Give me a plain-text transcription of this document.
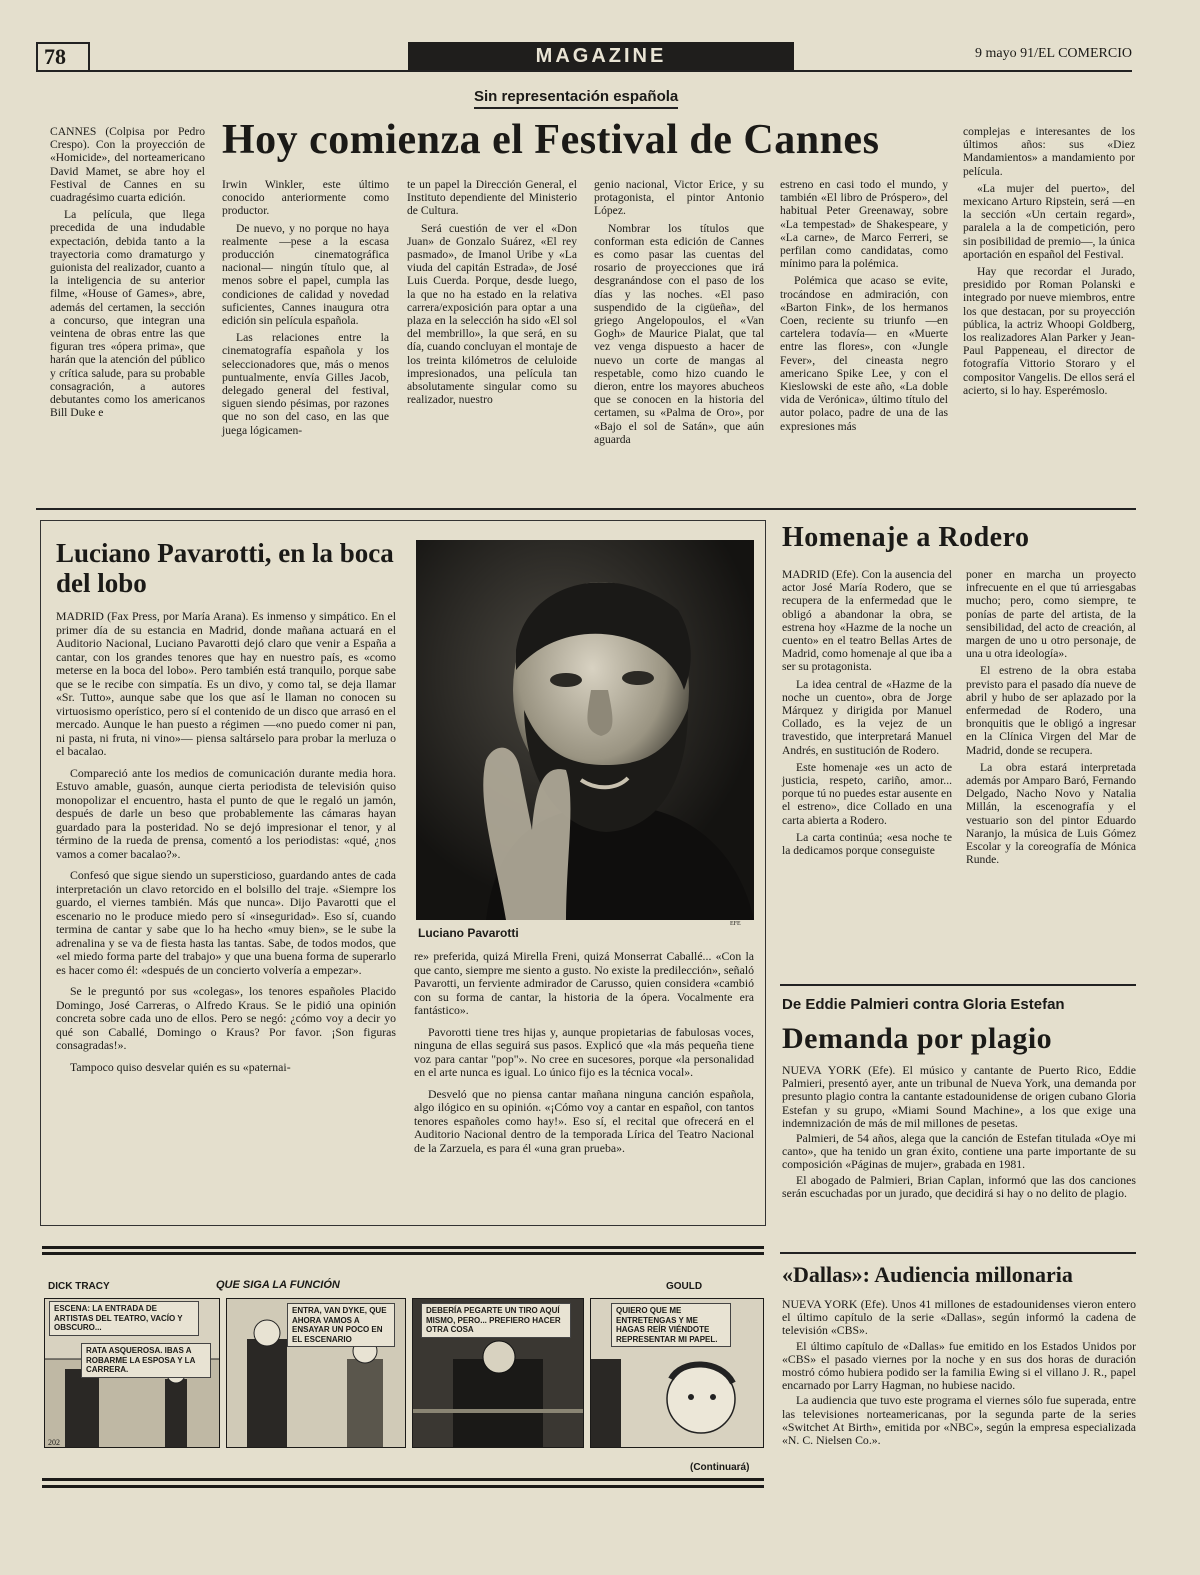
78	MAGAZINE	9 mayo 91/EL COMERCIO
Sin representación española
Hoy comienza el Festival de Cannes

CANNES (Colpisa por Pedro Crespo). Con la proyección de «Homicide», del norteamericano David Mamet, se abre hoy el Festival de Cannes en su cuadragésimo cuarta edición.

La película, que llega precedida de una indudable expectación, debida tanto a la trayectoria como dramaturgo y guionista del realizador, cuanto a la inteligencia de su anterior filme, «House of Games», abre, además del certamen, la sección a concurso, que integran una veintena de obras entre las que figuran tres «ópera prima», que harán que la atención del público y crítica salude, para su probable consagración, a autores debutantes como los americanos Bill Duke e

Irwin Winkler, este último conocido anteriormente como productor.

De nuevo, y no porque no haya realmente —pese a la escasa producción cinematográfica nacional— ningún título que, al menos sobre el papel, cumpla las condiciones de calidad y novedad suficientes, Cannes inaugura otra edición sin película española.

Las relaciones entre la cinematografía española y los seleccionadores que, más o menos puntualmente, envía Gilles Jacob, delegado general del festival, siguen siendo pésimas, por razones que no son del caso, en las que juega lógicamen-

te un papel la Dirección General, el Instituto dependiente del Ministerio de Cultura.

Será cuestión de ver el «Don Juan» de Gonzalo Suárez, «El rey pasmado», de Imanol Uribe y «La viuda del capitán Estrada», de José Luis Cuerda. Porque, desde luego, la que no ha estado en la relativa carrera/exposición para optar a una plaza en la selección ha sido «El sol del membrillo», la que será, en su día, cuando concluyan el montaje de los treinta kilómetros de celuloide impresionados, una película tan absolutamente singular como su realizador, nuestro

genio nacional, Victor Erice, y su protagonista, el pintor Antonio López.

Nombrar los títulos que conforman esta edición de Cannes es como pasar las cuentas del rosario de proyecciones que irá desgranándose con el paso de los días y las noches. «El paso suspendido de la cigüeña», del griego Angelopoulos, el «Van Gogh» de Maurice Pialat, que tal vez venga dispuesto a hacer de nuevo un corte de mangas al respetable, como hizo cuando le dieron, entre los mayores abucheos que se conocen en la historia del certamen, su «Palma de Oro», por «Bajo el sol de Satán», que aún aguarda

estreno en casi todo el mundo, y también «El libro de Próspero», del habitual Peter Greenaway, sobre «La tempestad» de Shakespeare, y «La carne», de Marco Ferreri, se perfilan como candidatas, como mínimo para la polémica.

Polémica que acaso se evite, trocándose en admiración, con «Barton Fink», de los hermanos Coen, reciente su triunfo —en cartelera todavía— en «Muerte entre las flores», con «Jungle Fever», del cineasta negro americano Spike Lee, y con el Kieslowski de este año, «La doble vida de Verónica», último título del autor polaco, padre de una de las expresiones más

complejas e interesantes de los últimos años: sus «Diez Mandamientos» a mandamiento por película.

«La mujer del puerto», del mexicano Arturo Ripstein, será —en la sección «Un certain regard», paralela a la de competición, pero sin posibilidad de premio—, la única aportación en español del Festival.

Hay que recordar el Jurado, presidido por Roman Polanski e integrado por nueve miembros, entre los que destacan, por su proyección pública, la actriz Whoopi Goldberg, los realizadores Alan Parker y Jean-Paul Pappeneau, el director de fotografía Vittorio Storaro y el compositor Vangelis. De ellos será el acierto, si lo hay. Esperémoslo.

Luciano Pavarotti, en la boca del lobo

MADRID (Fax Press, por María Arana). Es inmenso y simpático. En el primer día de su estancia en Madrid, donde mañana actuará en el Auditorio Nacional, Luciano Pavarotti dejó claro que venir a España a cantar, con los grandes tenores que hay en nuestro país, es «como meterse en la boca del lobo». Pero también está tranquilo, porque sabe que se le recibe con simpatía. Es un divo, y como tal, se deja llamar «Sr. Tutto», aunque sabe que los que así le llaman no conocen su virtuosismo operístico, pero sí el contenido de un disco que arrasó en el mercado. Aunque le han puesto a régimen —«no puedo comer ni pan, ni pasta, ni fruta, ni vino»— piensa saltárselo para probar la merluza o el bacalao.

Compareció ante los medios de comunicación durante media hora. Estuvo amable, guasón, aunque cierta periodista de televisión quiso monopolizar el encuentro, hasta el punto de que le regaló un jamón, después de darle un beso que probablemente las cámaras hayan guardado para la posteridad. No se dejó impresionar el tenor, y al término de la rueda de prensa, comentó a los periodistas: «qué, ¿nos vamos a comer bacalao?».

Confesó que sigue siendo un supersticioso, guardando antes de cada interpretación un clavo retorcido en el bolsillo del traje. «Siempre los guardo, el viernes también. Más que nunca». Dijo Pavarotti que el escenario no le produce miedo pero sí «inseguridad». Eso sí, cuando termina de cantar y sabe que lo ha hecho «muy bien», se le sube la adrenalina y se va de fiesta hasta las tantas. Sabe, de todos modos, que «el miedo forma parte del trabajo» y que una buena forma de superarlo es hacer como él: «después de un concierto volvería a empezar».

Se le preguntó por sus «colegas», los tenores españoles Placido Domingo, José Carreras, o Alfredo Kraus. Se le pidió una opinión concreta sobre cada uno de ellos. Pero se negó: ¿cómo voy a decir yo qué son Caballé, Domingo o Kraus? Por favor. ¡Son figuras consagradas!».

Tampoco quiso desvelar quién es su «paternai-

Luciano Pavarotti
EFE

re» preferida, quizá Mirella Freni, quizá Monserrat Caballé... «Con la que canto, siempre me siento a gusto. No existe la predilección», señaló Pavarotti, un ferviente admirador de Carusso, quien considera «cambió con su forma de cantar, la historia de la ópera. Vocalmente era fantástico».

Pavorotti tiene tres hijas y, aunque propietarias de fabulosas voces, ninguna de ellas seguirá sus pasos. Explicó que «la más pequeña tiene voz para cantar "pop"». No cree en sucesores, porque «la personalidad en el arte nunca es igual. Lo único fijo es la técnica vocal».

Desveló que no piensa cantar mañana ninguna canción española, algo ilógico en su opinión. «¡Cómo voy a cantar en español, con tantos tenores españoles como hay!». Eso sí, el recital que ofrecerá en el Auditorio Nacional dentro de la temporada Lírica del Teatro Nacional de la Zarzuela, es para él «una gran prueba».

Homenaje a Rodero

MADRID (Efe). Con la ausencia del actor José María Rodero, que se recupera de la enfermedad que le obligó a abandonar la obra, se estrena hoy «Hazme de la noche un cuento» en el teatro Bellas Artes de Madrid, como homenaje al que iba a ser su protagonista.

La idea central de «Hazme de la noche un cuento», obra de Jorge Márquez y dirigida por Manuel Collado, es la vejez de un travestido, que interpretará Manuel Andrés, en sustitución de Rodero.

Este homenaje «es un acto de justicia, respeto, cariño, amor... porque tú no puedes estar ausente en el estreno», dice Collado en una carta abierta a Rodero.

La carta continúa; «esa noche te la dedicamos porque conseguiste

poner en marcha un proyecto infrecuente en el que tú arriesgabas mucho; pero, como siempre, te ponías de parte del artista, de la sensibilidad, del acto de creación, al margen de uno u otro personaje, de una u otra ideología».

El estreno de la obra estaba previsto para el pasado día nueve de abril y hubo de ser aplazado por la enfermedad de Rodero, una bronquitis que le obligó a ingresar en la Clínica Virgen del Mar de Madrid, donde se recupera.

La obra estará interpretada además por Amparo Baró, Fernando Delgado, Nacho Novo y Natalia Millán, la escenografía y el vestuario son del pintor Eduardo Naranjo, la música de Luis Gómez Escolar y la coreografía de Mónica Runde.

De Eddie Palmieri contra Gloria Estefan
Demanda por plagio

NUEVA YORK (Efe). El músico y cantante de Puerto Rico, Eddie Palmieri, presentó ayer, ante un tribunal de Nueva York, una demanda por presunto plagio contra la cantante estadounidense de origen cubano Gloria Estefan y su grupo, «Miami Sound Machine», a los que exige una indemnización de más de mil millones de pesetas.

Palmieri, de 54 años, alega que la canción de Estefan titulada «Oye mi canto», que ha tenido un gran éxito, contiene una parte importante de su composición «Páginas de mujer», grabada en 1981.

El abogado de Palmieri, Brian Caplan, informó que las dos canciones serán escuchadas por un jurado, que decidirá si hay o no delito de plagio.

«Dallas»: Audiencia millonaria

NUEVA YORK (Efe). Unos 41 millones de estadounidenses vieron entero el último capítulo de la serie «Dallas», según informó la cadena de televisión «CBS».

El último capítulo de «Dallas» fue emitido en los Estados Unidos por «CBS» el pasado viernes por la noche y en sus dos horas de duración mostró cómo hubiera podido ser la familia Ewing si el villano J. R., papel encarnado por Larry Hagman, no hubiese nacido.

La audiencia que tuvo este programa el viernes sólo fue superada, entre las televisiones norteamericanas, por la segunda parte de la series «Switchet At Birth», emitida por «NBC», según la empresa especializada «N. C. Nielsen Co.».

DICK TRACY	QUE SIGA LA FUNCIÓN	GOULD
ESCENA: LA ENTRADA DE ARTISTAS DEL TEATRO, VACÍO Y OBSCURO...
RATA ASQUEROSA. IBAS A ROBARME LA ESPOSA Y LA CARRERA.
ENTRA, VAN DYKE, QUE AHORA VAMOS A ENSAYAR UN POCO EN EL ESCENARIO
DEBERÍA PEGARTE UN TIRO AQUÍ MISMO, PERO... PREFIERO HACER OTRA COSA
QUIERO QUE ME ENTRETENGAS Y ME HAGAS REÍR VIÉNDOTE REPRESENTAR MI PAPEL.
202
(Continuará)
